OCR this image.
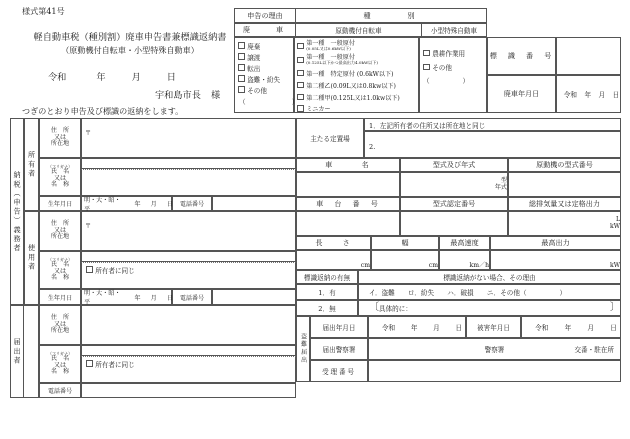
様式第41号
軽自動車税（種別割）廃車申告書兼標識返納書
（原動機付自転車・小型特殊自動車）
令和	年	月	日
宇和島市長 様
つぎのとおり申告及び標識の返納をします。
申告の理由	種　　　別
廃　　車	原動機付自転車	小型特殊自動車
廃棄
譲渡
転出
盗難・紛失
その他
（　　　　　　　）
第一種　一般原付
(0.05L又は0.6kW以下)
第一種　一般原付
(0.125L以下かつ最高出力4.0kW以下)
第一種　特定原付 (0.6kW以下)
第二種乙(0.09L又は0.8kw以下)
第二種甲(0.125L又は1.0kw以下)
ミニカー
農耕作業用
その他
（　　　　　）
標　識　番　号
廃車年月日	令和 年 月 日
納税（申告）義務者
届出者
所有者
使用者
住　所
又は
所在地
〒
（フリガナ）
氏　名
又は
名　称
生年月日
明・大・昭・平
年 月 日	電話番号
住　所
又は
所在地
〒
（フリガナ）
氏　名
又は
名　称
所有者に同じ
生年月日
明・大・昭・平
年 月 日	電話番号
住　所
又は
所在地
（フリガナ）
氏　名
又は
名　称
所有者に同じ
電話番号
主たる定置場
1．左記所有者の住所又は所在地と同じ
2.
車　　　名	型式及び年式	原動機の型式番号
型
年式
車　台　番　号	型式認定番号	総排気量又は定格出力
L
kW
長　　さ	幅	最高速度	最高出力
cm	cm	km／h	kW
標識返納の有無	標識返納がない場合、その理由
1．有	イ．盗難　　ロ．紛失　　ハ．破損　　ニ．その他（　　　　　）
2．無	〔 具体的に：	〕
盗難届出
届出年月日	令和 年 月 日	被害年月日	令和 年 月 日
届出警察署	警察署	交番・駐在所
受理番号
